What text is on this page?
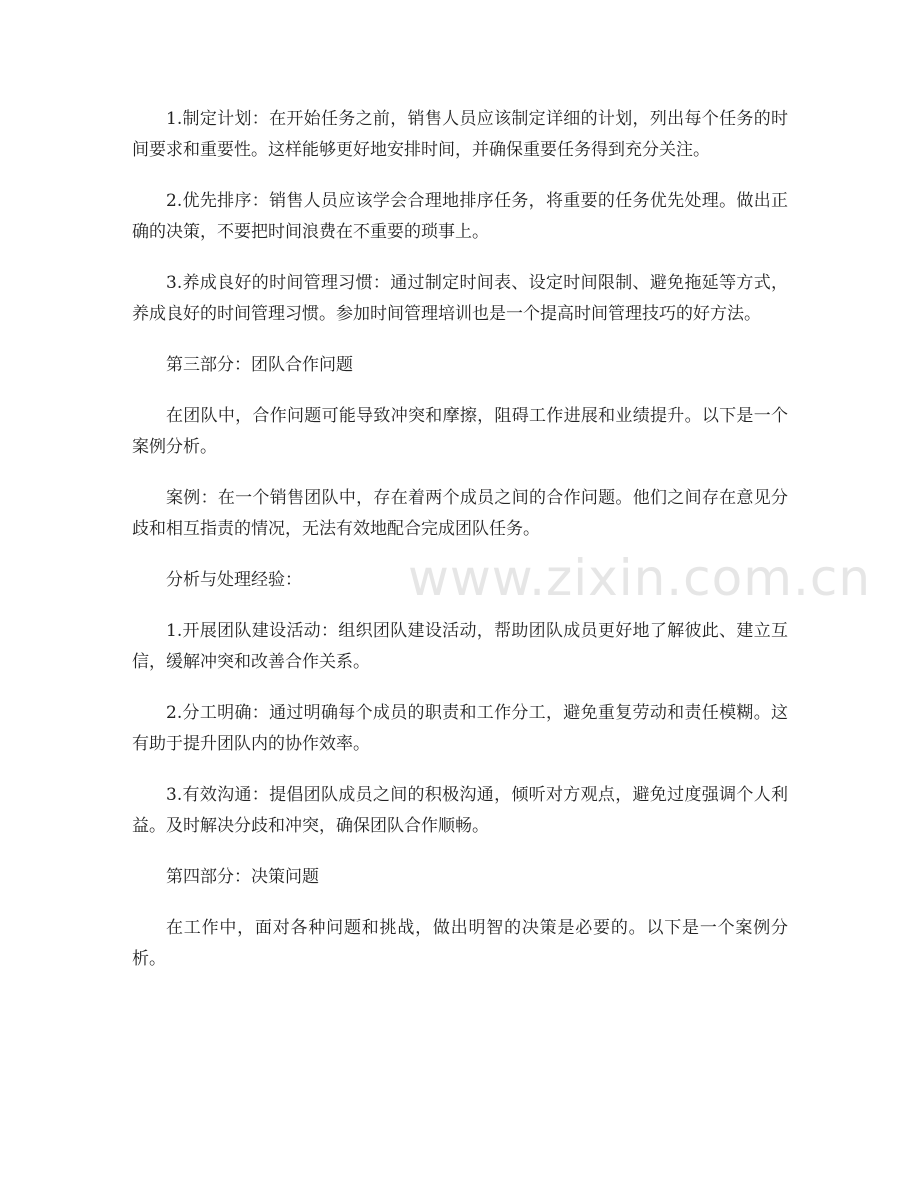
1.制定计划：在开始任务之前，销售人员应该制定详细的计划，列出每个任务的时间要求和重要性。这样能够更好地安排时间，并确保重要任务得到充分关注。

2.优先排序：销售人员应该学会合理地排序任务，将重要的任务优先处理。做出正确的决策，不要把时间浪费在不重要的琐事上。

3.养成良好的时间管理习惯：通过制定时间表、设定时间限制、避免拖延等方式，养成良好的时间管理习惯。参加时间管理培训也是一个提高时间管理技巧的好方法。

第三部分：团队合作问题

在团队中，合作问题可能导致冲突和摩擦，阻碍工作进展和业绩提升。以下是一个案例分析。

案例：在一个销售团队中，存在着两个成员之间的合作问题。他们之间存在意见分歧和相互指责的情况，无法有效地配合完成团队任务。

分析与处理经验：

1.开展团队建设活动：组织团队建设活动，帮助团队成员更好地了解彼此、建立互信，缓解冲突和改善合作关系。

2.分工明确：通过明确每个成员的职责和工作分工，避免重复劳动和责任模糊。这有助于提升团队内的协作效率。

3.有效沟通：提倡团队成员之间的积极沟通，倾听对方观点，避免过度强调个人利益。及时解决分歧和冲突，确保团队合作顺畅。

第四部分：决策问题

在工作中，面对各种问题和挑战，做出明智的决策是必要的。以下是一个案例分析。

www.zixin.com.cn
